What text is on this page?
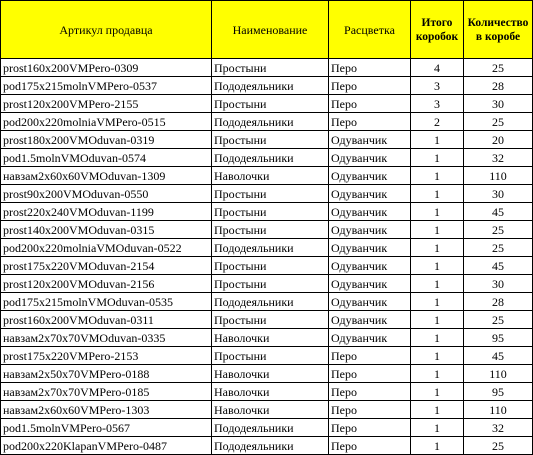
Артикул продавца	Наименование	Расцветка	Итого коробок	Количество в коробе

prost160x200VMPero-0309	Простыни	Перо	4	25
pod175x215molnVMPero-0537	Пододеяльники	Перо	3	28
prost120x200VMPero-2155	Простыни	Перо	3	30
pod200x220molniaVMPero-0515	Пододеяльники	Перо	2	25
prost180x200VMOduvan-0319	Простыни	Одуванчик	1	20
pod1.5molnVMOduvan-0574	Пододеяльники	Одуванчик	1	32
навзам2x60x60VMOduvan-1309	Наволочки	Одуванчик	1	110
prost90x200VMOduvan-0550	Простыни	Одуванчик	1	30
prost220x240VMOduvan-1199	Простыни	Одуванчик	1	45
prost140x200VMOduvan-0315	Простыни	Одуванчик	1	25
pod200x220molniaVMOduvan-0522	Пододеяльники	Одуванчик	1	25
prost175x220VMOduvan-2154	Простыни	Одуванчик	1	45
prost120x200VMOduvan-2156	Простыни	Одуванчик	1	30
pod175x215molnVMOduvan-0535	Пододеяльники	Одуванчик	1	28
prost160x200VMOduvan-0311	Простыни	Одуванчик	1	25
навзам2x70x70VMOduvan-0335	Наволочки	Одуванчик	1	95
prost175x220VMPero-2153	Простыни	Перо	1	45
навзам2x50x70VMPero-0188	Наволочки	Перо	1	110
навзам2x70x70VMPero-0185	Наволочки	Перо	1	95
навзам2x60x60VMPero-1303	Наволочки	Перо	1	110
pod1.5molnVMPero-0567	Пододеяльники	Перо	1	32
pod200x220KlapanVMPero-0487	Пододеяльники	Перо	1	25
